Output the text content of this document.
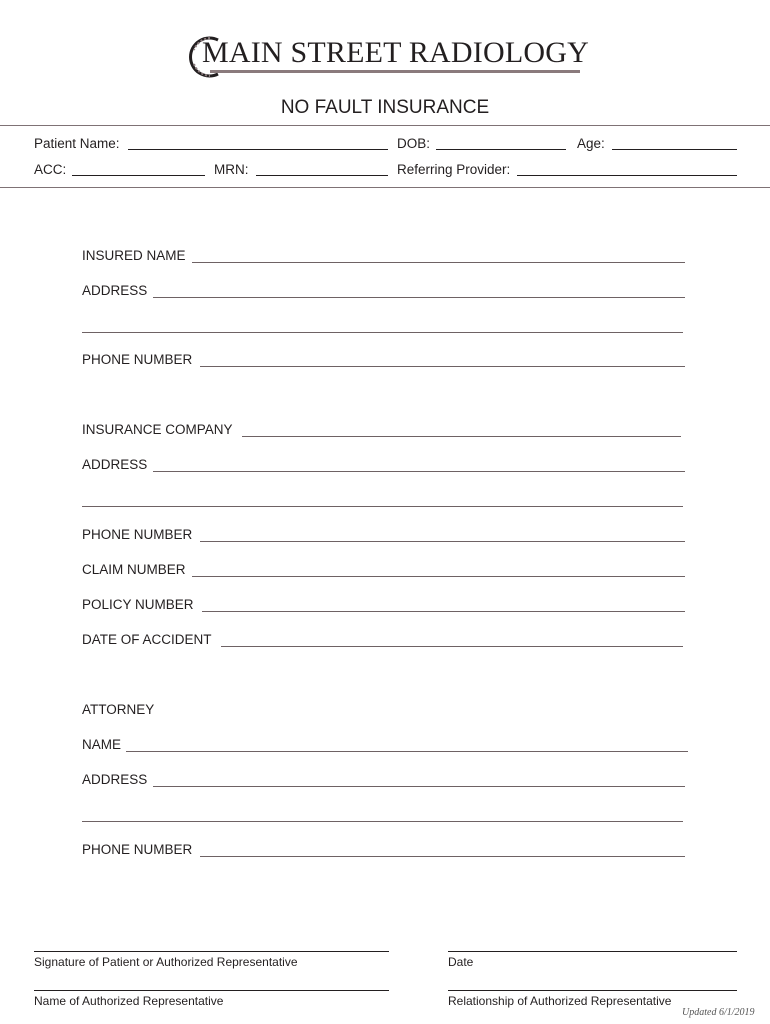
MAIN STREET RADIOLOGY
NO FAULT INSURANCE
Patient Name:	DOB:	Age:
ACC:	MRN:	Referring Provider:
INSURED NAME
ADDRESS
PHONE NUMBER
INSURANCE COMPANY
ADDRESS
PHONE NUMBER
CLAIM NUMBER
POLICY NUMBER
DATE OF ACCIDENT
ATTORNEY
NAME
ADDRESS
PHONE NUMBER
Signature of Patient or Authorized Representative	Date
Name of Authorized Representative	Relationship of Authorized Representative
Updated 6/1/2019
